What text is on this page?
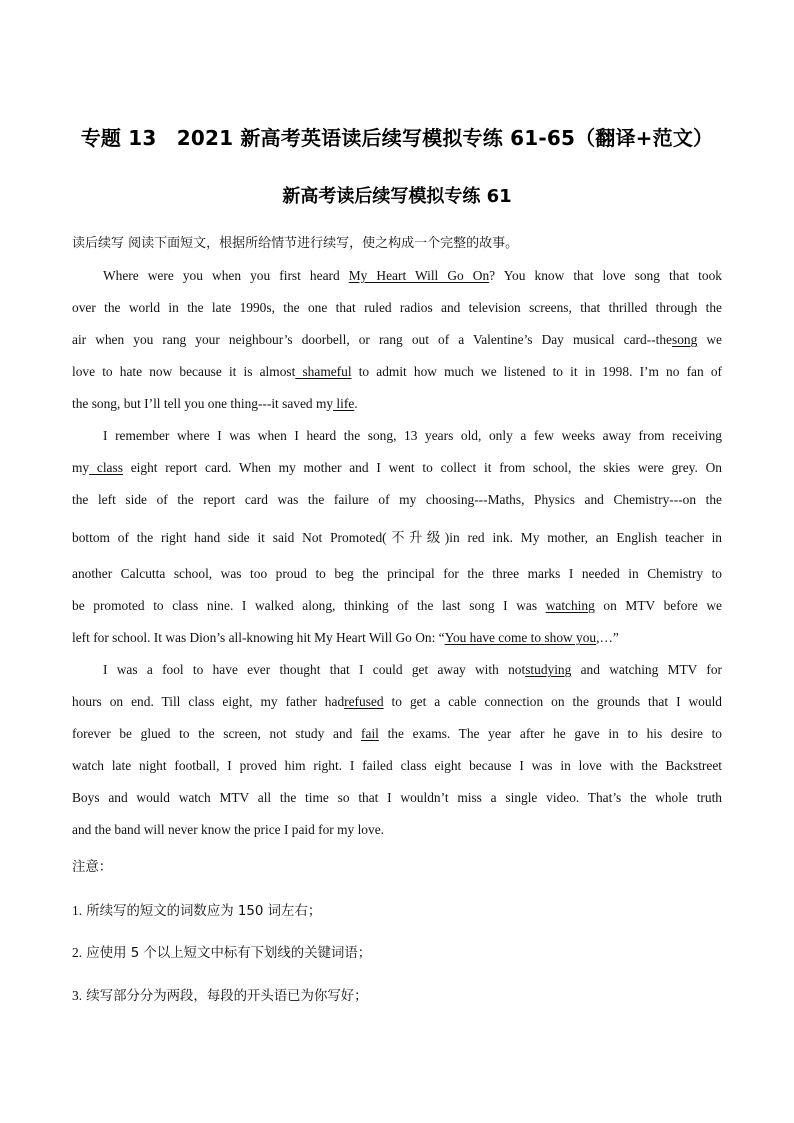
专题 13　2021 新高考英语读后续写模拟专练 61-65（翻译+范文）
新高考读后续写模拟专练 61
读后续写 阅读下面短文，根据所给情节进行续写，使之构成一个完整的故事。
Where were you when you first heard My Heart Will Go On? You know that love song that took
over the world in the late 1990s, the one that ruled radios and television screens, that thrilled through the
air when you rang your neighbour’s doorbell, or rang out of a Valentine’s Day musical card--thesong we
love to hate now because it is almost shameful to admit how much we listened to it in 1998. I’m no fan of
the song, but I’ll tell you one thing---it saved my life.
I remember where I was when I heard the song, 13 years old, only a few weeks away from receiving
my class eight report card. When my mother and I went to collect it from school, the skies were grey. On
the left side of the report card was the failure of my choosing---Maths, Physics and Chemistry---on the
bottom of the right hand side it said Not Promoted(不升级)in red ink. My mother, an English teacher in
another Calcutta school, was too proud to beg the principal for the three marks I needed in Chemistry to
be promoted to class nine. I walked along, thinking of the last song I was watching on MTV before we
left for school. It was Dion’s all-knowing hit My Heart Will Go On: “You have come to show you,…”
I was a fool to have ever thought that I could get away with notstudying and watching MTV for
hours on end. Till class eight, my father hadrefused to get a cable connection on the grounds that I would
forever be glued to the screen, not study and fail the exams. The year after he gave in to his desire to
watch late night football, I proved him right. I failed class eight because I was in love with the Backstreet
Boys and would watch MTV all the time so that I wouldn’t miss a single video. That’s the whole truth
and the band will never know the price I paid for my love.
注意：
1. 所续写的短文的词数应为 150 词左右；
2. 应使用 5 个以上短文中标有下划线的关键词语；
3. 续写部分分为两段，每段的开头语已为你写好；
